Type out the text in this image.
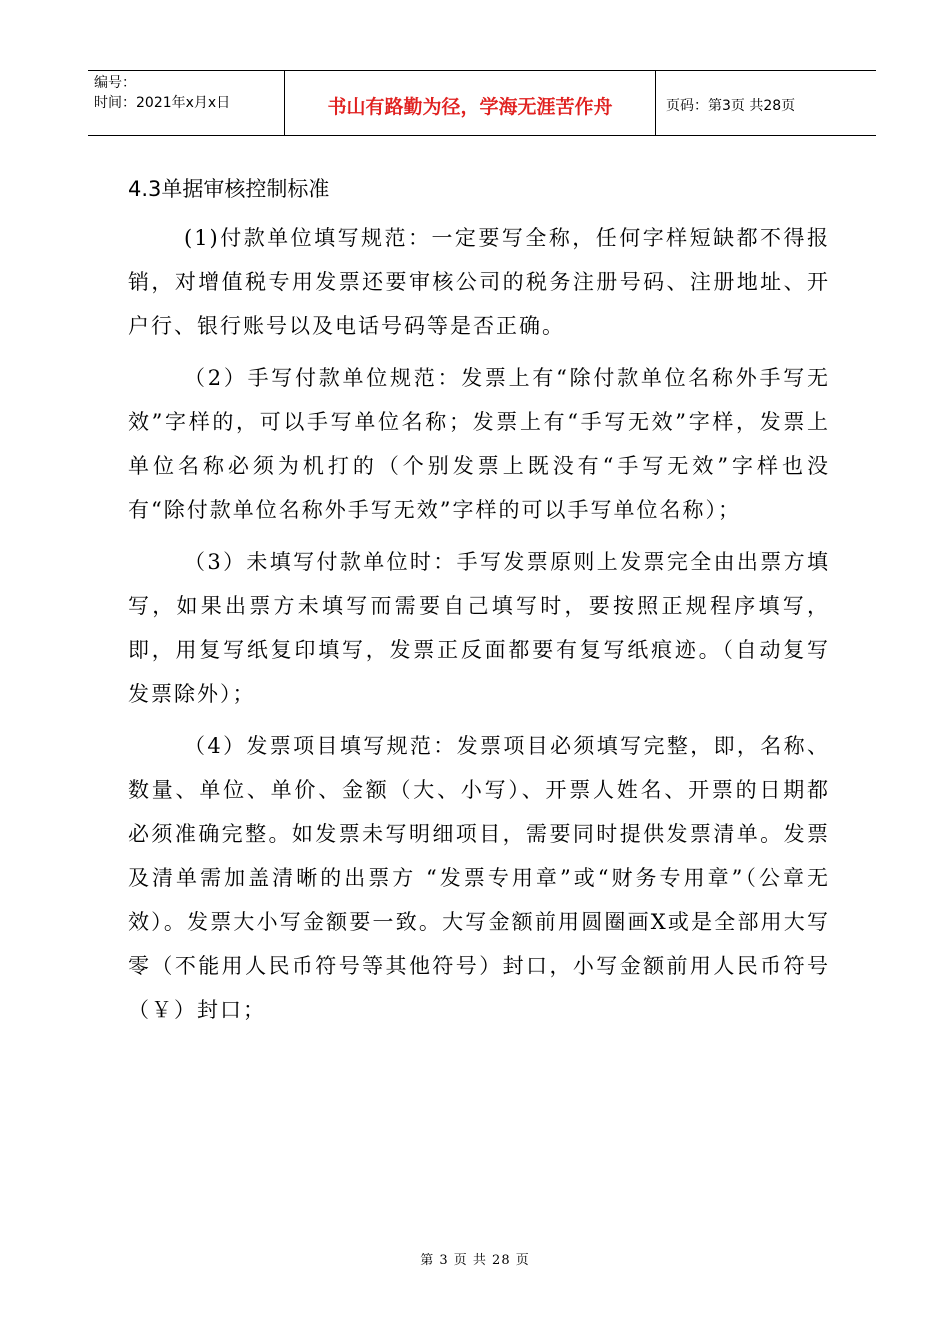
编号：
时间：2021年x月x日	书山有路勤为径，学海无涯苦作舟	页码：第3页 共28页
4.3单据审核控制标准

(1)付款单位填写规范：一定要写全称，任何字样短缺都不得报销，对增值税专用发票还要审核公司的税务注册号码、注册地址、开户行、银行账号以及电话号码等是否正确。

（2）手写付款单位规范：发票上有“除付款单位名称外手写无效”字样的，可以手写单位名称；发票上有“手写无效”字样，发票上单位名称必须为机打的（个别发票上既没有“手写无效”字样也没有“除付款单位名称外手写无效”字样的可以手写单位名称）；

（3）未填写付款单位时：手写发票原则上发票完全由出票方填写，如果出票方未填写而需要自己填写时，要按照正规程序填写，即，用复写纸复印填写，发票正反面都要有复写纸痕迹。（自动复写发票除外）；

（4）发票项目填写规范：发票项目必须填写完整，即，名称、数量、单位、单价、金额（大、小写）、开票人姓名、开票的日期都必须准确完整。如发票未写明细项目，需要同时提供发票清单。发票及清单需加盖清晰的出票方 “发票专用章”或“财务专用章”（公章无效）。发票大小写金额要一致。大写金额前用圆圈画X或是全部用大写零（不能用人民币符号等其他符号）封口，小写金额前用人民币符号（￥）封口；

第 3 页 共 28 页
